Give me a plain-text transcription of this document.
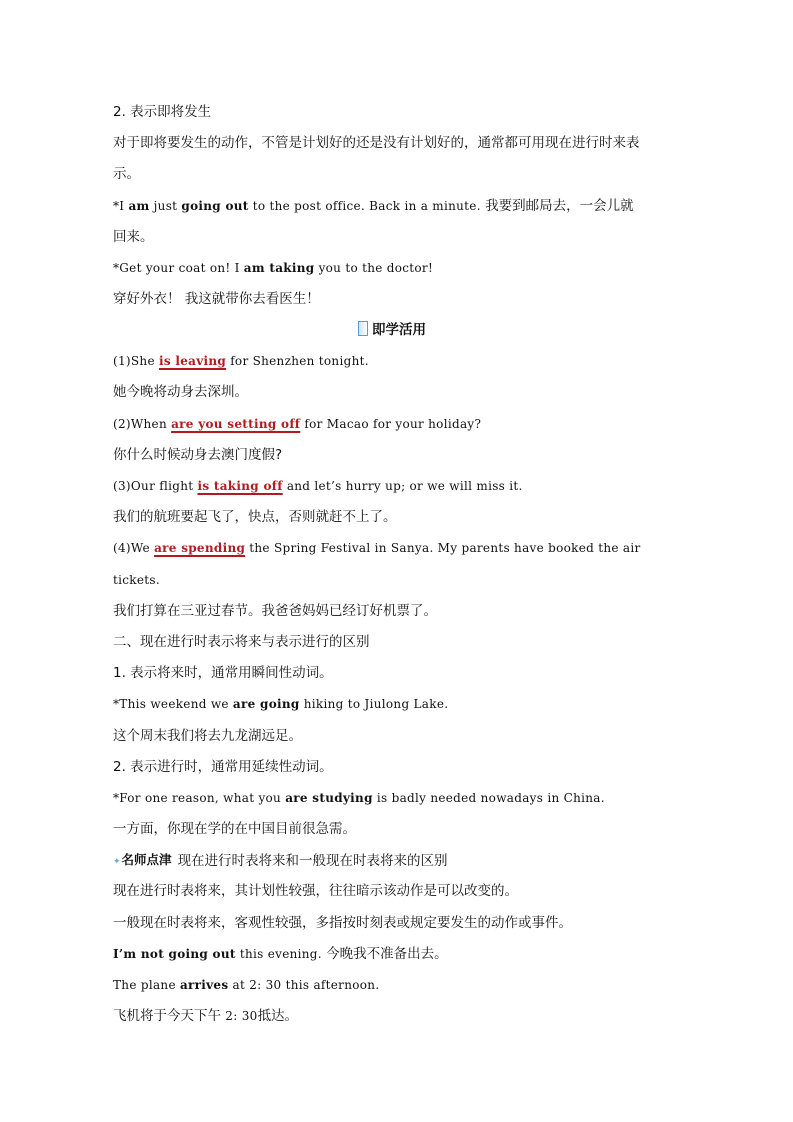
2. 表示即将发生
对于即将要发生的动作，不管是计划好的还是没有计划好的，通常都可用现在进行时来表
示。
*I am just going out to the post office. Back in a minute. 我要到邮局去，一会儿就
回来。
*Get your coat on! I am taking you to the doctor!
穿好外衣！ 我这就带你去看医生！
即学活用
(1)She is leaving for Shenzhen tonight.
她今晚将动身去深圳。
(2)When are you setting off for Macao for your holiday?
你什么时候动身去澳门度假?
(3)Our flight is taking off and let’s hurry up; or we will miss it.
我们的航班要起飞了，快点，否则就赶不上了。
(4)We are spending the Spring Festival in Sanya. My parents have booked the air
tickets.
我们打算在三亚过春节。我爸爸妈妈已经订好机票了。
二、现在进行时表示将来与表示进行的区别
1. 表示将来时，通常用瞬间性动词。
*This weekend we are going hiking to Jiulong Lake.
这个周末我们将去九龙湖远足。
2. 表示进行时，通常用延续性动词。
*For one reason, what you are studying is badly needed nowadays in China.
一方面，你现在学的在中国目前很急需。
✦名师点津 现在进行时表将来和一般现在时表将来的区别
现在进行时表将来，其计划性较强，往往暗示该动作是可以改变的。
一般现在时表将来，客观性较强，多指按时刻表或规定要发生的动作或事件。
I’m not going out this evening. 今晚我不准备出去。
The plane arrives at 2: 30 this afternoon.
飞机将于今天下午 2: 30抵达。
